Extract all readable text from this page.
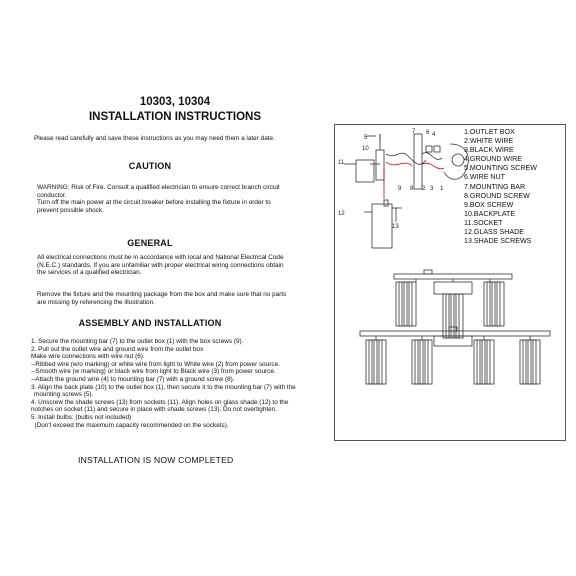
10303, 10304
INSTALLATION INSTRUCTIONS
Please read carefully and save these instructions as you may need them a later date.
CAUTION
WARNING: Risk of Fire. Consult a qualified electrician to ensure correct branch circuit
conductor.
Turn off the main power at the circuit breaker before installing the fixture in order to
prevent possible shock.
GENERAL
All electrical connections must be in accordance with local and National Electrical Code
(N.E.C.) standards. If you are unfamiliar with proper electrical wiring connections obtain
the services of a qualified electrician.
Remove the fixture and the mounting package from the box and make sure that no parts
are missing by referencing the illustration.
ASSEMBLY AND INSTALLATION
1. Secure the mounting bar (7) to the outlet box (1) with the box screws (9).
2. Pull out the outlet wire and ground wire from the outlet box
Make wire connections with wire nut (6).
--Ribbed wire (w/o marking) or white wire from light to White wire (2) from power source.
--Smooth wire (w marking) or black wire from light to Black wire (3) from power source.
--Attach the ground wire (4) to mounting bar (7) with a ground screw (8).
3. Align the back plate (10) to the outlet box (1), then secure it to the mounting bar (7) with the
mounting screws (5).
4. Unscrew the shade screws (13) from sockets (11). Align holes on glass shade (12) to the
notches on socket (11) and secure in place with shade screws (13). Do not overtighten.
5. Install bulbs: (bulbs not included)
(Don't exceed the maximum capacity recommended on the sockets).
INSTALLATION IS NOW COMPLETED
5
7 6 4
10
11
9 8 2 3 1
12
13
1.OUTLET BOX
2.WHITE WIRE
3.BLACK WIRE
4.GROUND WIRE
5.MOUNTING SCREW
6.WIRE NUT
7.MOUNTING BAR
8.GROUND SCREW
9.BOX SCREW
10.BACKPLATE
11.SOCKET
12.GLASS SHADE
13.SHADE SCREWS
